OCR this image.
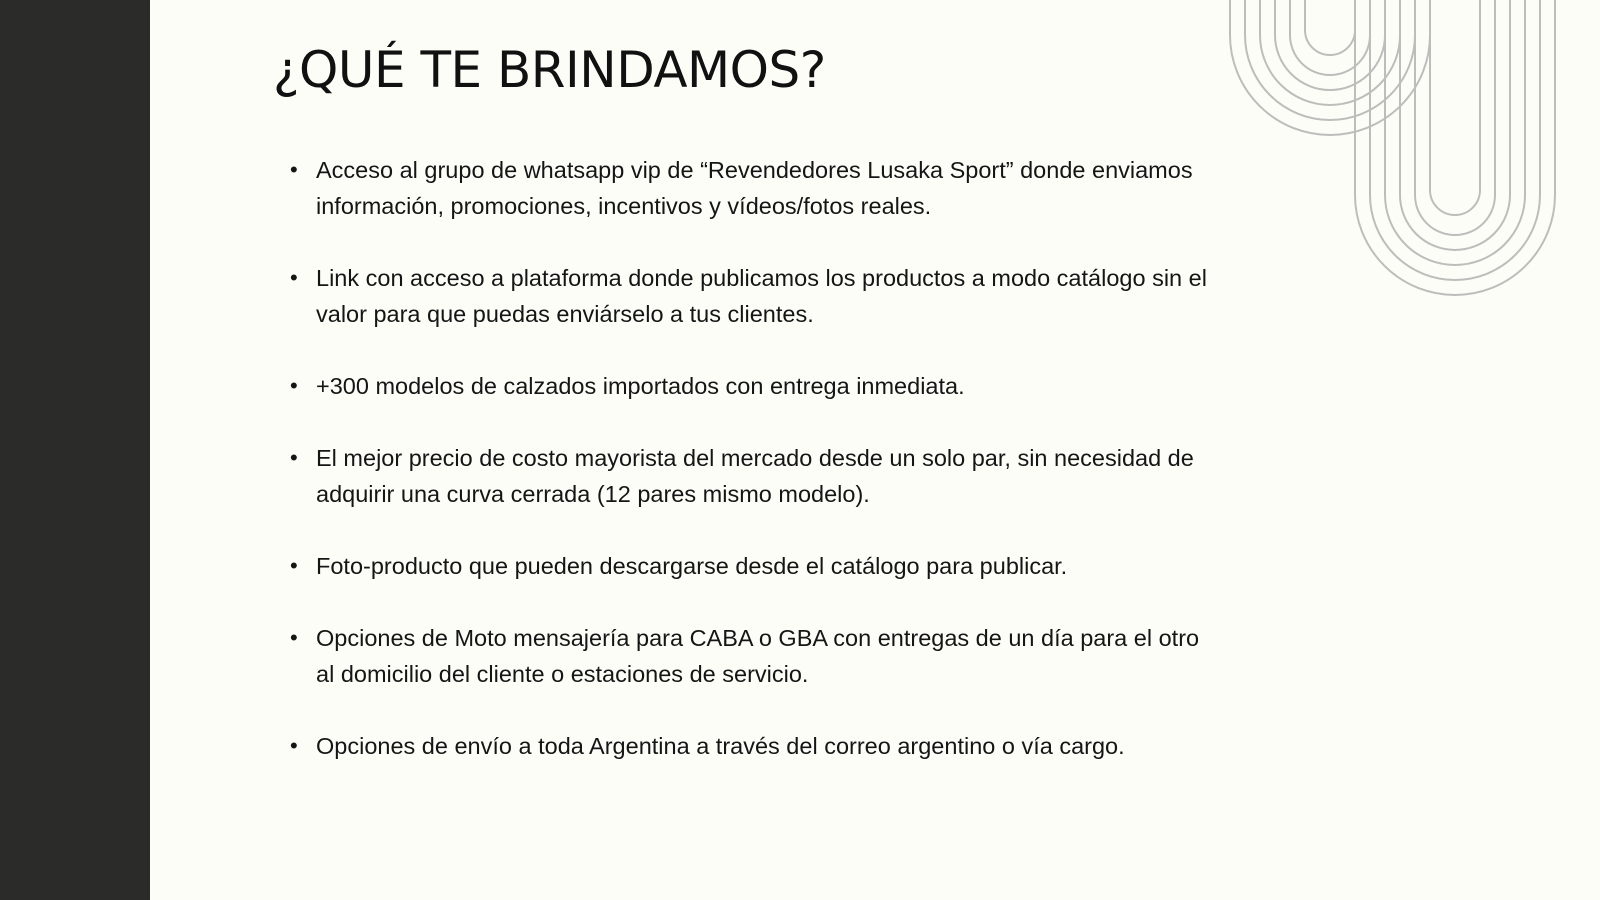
¿QUÉ TE BRINDAMOS?
• Acceso al grupo de whatsapp vip de “Revendedores Lusaka Sport” donde enviamos información, promociones, incentivos y vídeos/fotos reales.
• Link con acceso a plataforma donde publicamos los productos a modo catálogo sin el valor para que puedas enviárselo a tus clientes.
• +300 modelos de calzados importados con entrega inmediata.
• El mejor precio de costo mayorista del mercado desde un solo par, sin necesidad de adquirir una curva cerrada (12 pares mismo modelo).
• Foto-producto que pueden descargarse desde el catálogo para publicar.
• Opciones de Moto mensajería para CABA o GBA con entregas de un día para el otro al domicilio del cliente o estaciones de servicio.
• Opciones de envío a toda Argentina a través del correo argentino o vía cargo.
